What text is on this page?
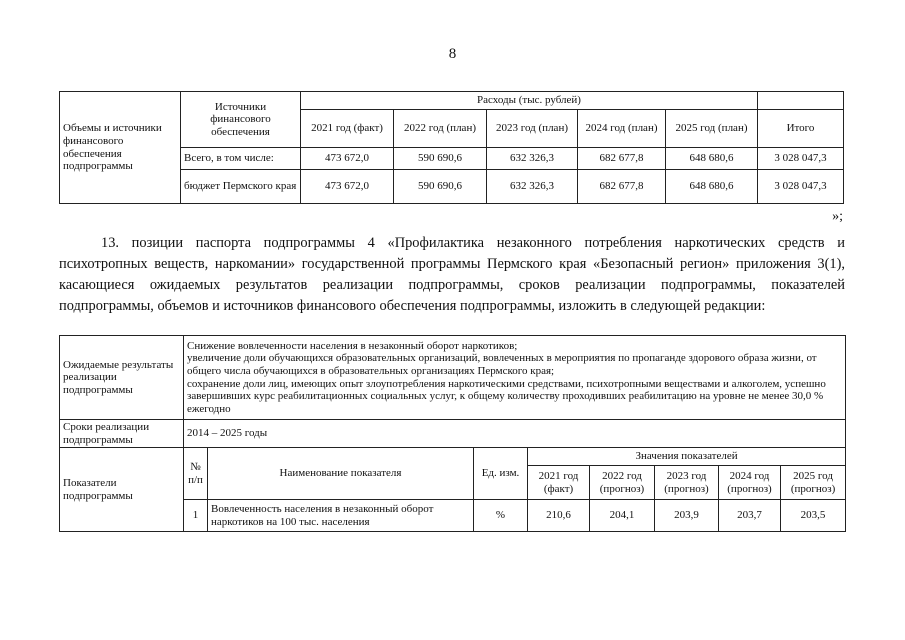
8
Объемы и источники финансового обеспечения подпрограммы	Источники финансового обеспечения	Расходы (тыс. рублей)					
		2021 год (факт)	2022 год (план)	2023 год (план)	2024 год (план)	2025 год (план)	Итого
	Всего, в том числе:	473 672,0	590 690,6	632 326,3	682 677,8	648 680,6	3 028 047,3
	бюджет Пермского края	473 672,0	590 690,6	632 326,3	682 677,8	648 680,6	3 028 047,3
»;
13. позиции паспорта подпрограммы 4 «Профилактика незаконного потребления наркотических средств и психотропных веществ, наркомании» государственной программы Пермского края «Безопасный регион» приложения 3(1), касающиеся ожидаемых результатов реализации подпрограммы, сроков реализации подпрограммы, показателей подпрограммы, объемов и источников финансового обеспечения подпрограммы, изложить в следующей редакции:
Ожидаемые результаты реализации подпрограммы	Снижение вовлеченности населения в незаконный оборот наркотиков;
увеличение доли обучающихся образовательных организаций, вовлеченных в мероприятия по пропаганде здорового образа жизни, от общего числа обучающихся в образовательных организациях Пермского края;
сохранение доли лиц, имеющих опыт злоупотребления наркотическими средствами, психотропными веществами и алкоголем, успешно завершивших курс реабилитационных социальных услуг, к общему количеству проходивших реабилитацию на уровне не менее 30,0 % ежегодно							

Сроки реализации подпрограммы	2014 – 2025 годы							
Показатели подпрограммы	№ п/п	Наименование показателя	Ед. изм.	Значения показателей				
				2021 год (факт)	2022 год (прогноз)	2023 год (прогноз)	2024 год (прогноз)	2025 год (прогноз)
	1	Вовлеченность населения в незаконный оборот наркотиков на 100 тыс. населения	%	210,6	204,1	203,9	203,7	203,5
